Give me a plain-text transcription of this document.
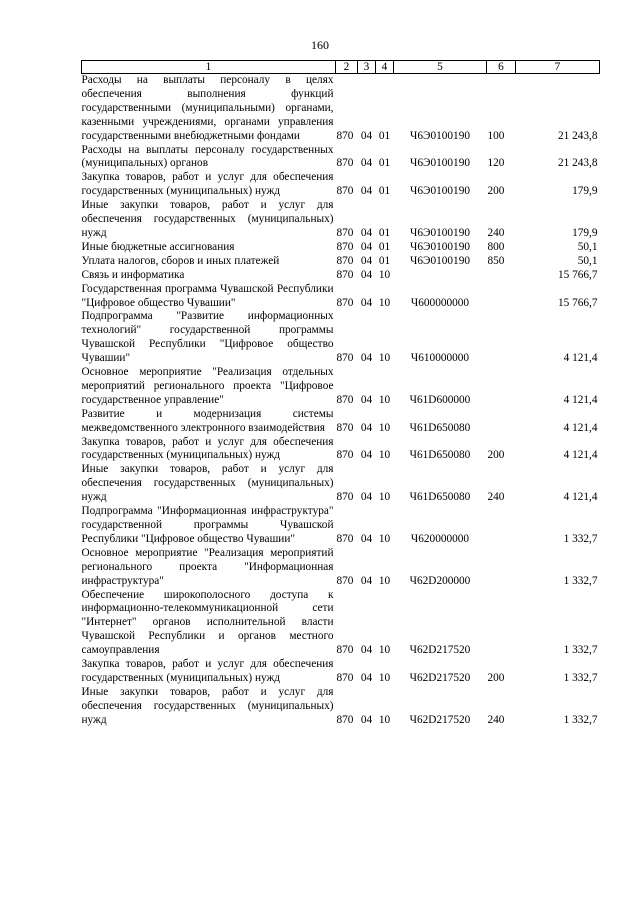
160
1	2	3	4	5	6	7
Расходы на выплаты персоналу в целях обеспечения выполнения функций государственными (муниципальными) органами, казенными учреждениями, органами управления государственными внебюджетными фондами	870	04	01	Ч6Э0100190	100	21 243,8
Расходы на выплаты персоналу государственных (муниципальных) органов	870	04	01	Ч6Э0100190	120	21 243,8
Закупка товаров, работ и услуг для обеспечения государственных (муниципальных) нужд	870	04	01	Ч6Э0100190	200	179,9
Иные закупки товаров, работ и услуг для обеспечения государственных (муниципальных) нужд	870	04	01	Ч6Э0100190	240	179,9
Иные бюджетные ассигнования	870	04	01	Ч6Э0100190	800	50,1
Уплата налогов, сборов и иных платежей	870	04	01	Ч6Э0100190	850	50,1
Связь и информатика	870	04	10			15 766,7
Государственная программа Чувашской Республики "Цифровое общество Чувашии"	870	04	10	Ч600000000		15 766,7
Подпрограмма "Развитие информационных технологий" государственной программы Чувашской Республики "Цифровое общество Чувашии"	870	04	10	Ч610000000		4 121,4
Основное мероприятие "Реализация отдельных мероприятий регионального проекта "Цифровое государственное управление"	870	04	10	Ч61D600000		4 121,4
Развитие и модернизация системы межведомственного электронного взаимодействия	870	04	10	Ч61D650080		4 121,4
Закупка товаров, работ и услуг для обеспечения государственных (муниципальных) нужд	870	04	10	Ч61D650080	200	4 121,4
Иные закупки товаров, работ и услуг для обеспечения государственных (муниципальных) нужд	870	04	10	Ч61D650080	240	4 121,4
Подпрограмма "Информационная инфраструктура" государственной программы Чувашской Республики "Цифровое общество Чувашии"	870	04	10	Ч620000000		1 332,7
Основное мероприятие "Реализация мероприятий регионального проекта "Информационная инфраструктура"	870	04	10	Ч62D200000		1 332,7
Обеспечение широкополосного доступа к информационно-телекоммуникационной сети "Интернет" органов исполнительной власти Чувашской Республики и органов местного самоуправления	870	04	10	Ч62D217520		1 332,7
Закупка товаров, работ и услуг для обеспечения государственных (муниципальных) нужд	870	04	10	Ч62D217520	200	1 332,7
Иные закупки товаров, работ и услуг для обеспечения государственных (муниципальных) нужд	870	04	10	Ч62D217520	240	1 332,7
